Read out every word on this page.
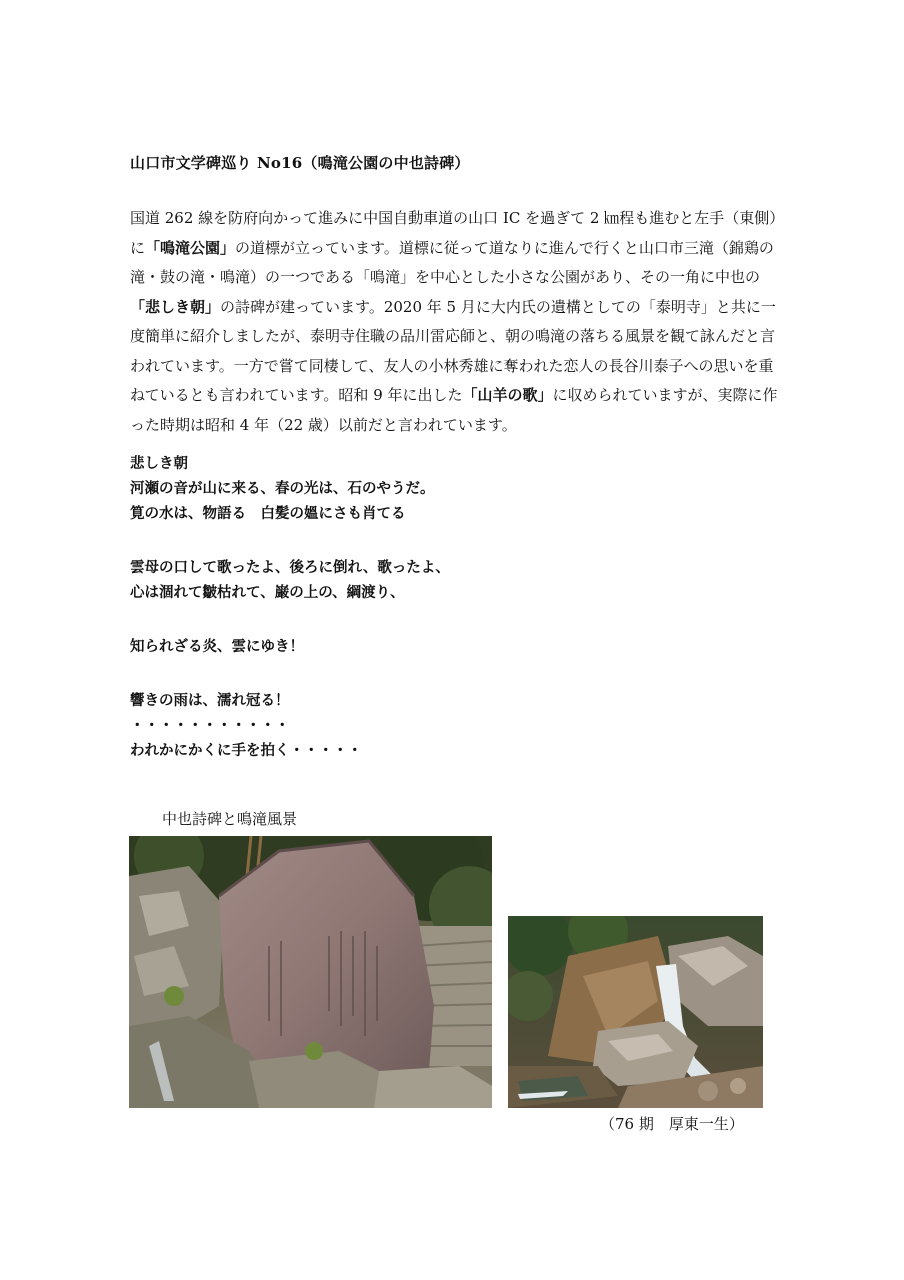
山口市文学碑巡り No16（鳴滝公園の中也詩碑）

国道 262 線を防府向かって進みに中国自動車道の山口 IC を過ぎて 2 ㎞程も進むと左手（東側）に「鳴滝公園」の道標が立っています。道標に従って道なりに進んで行くと山口市三滝（錦鶏の滝・鼓の滝・鳴滝）の一つである「鳴滝」を中心とした小さな公園があり、その一角に中也の「悲しき朝」の詩碑が建っています。2020 年 5 月に大内氏の遺構としての「泰明寺」と共に一度簡単に紹介しましたが、泰明寺住職の品川雷応師と、朝の鳴滝の落ちる風景を観て詠んだと言われています。一方で嘗て同棲して、友人の小林秀雄に奪われた恋人の長谷川泰子への思いを重ねているとも言われています。昭和 9 年に出した「山羊の歌」に収められていますが、実際に作った時期は昭和 4 年（22 歳）以前だと言われています。

悲しき朝
河瀬の音が山に来る、春の光は、石のやうだ。
筧の水は、物語る　白髪の媼にさも肖てる
雲母の口して歌ったよ、後ろに倒れ、歌ったよ、
心は涸れて皺枯れて、巌の上の、綱渡り、
知られざる炎、雲にゆき！
響きの雨は、濡れ冠る！
・・・・・・・・・・・
われかにかくに手を拍く・・・・・
中也詩碑と鳴滝風景
（76 期　厚東一生）
